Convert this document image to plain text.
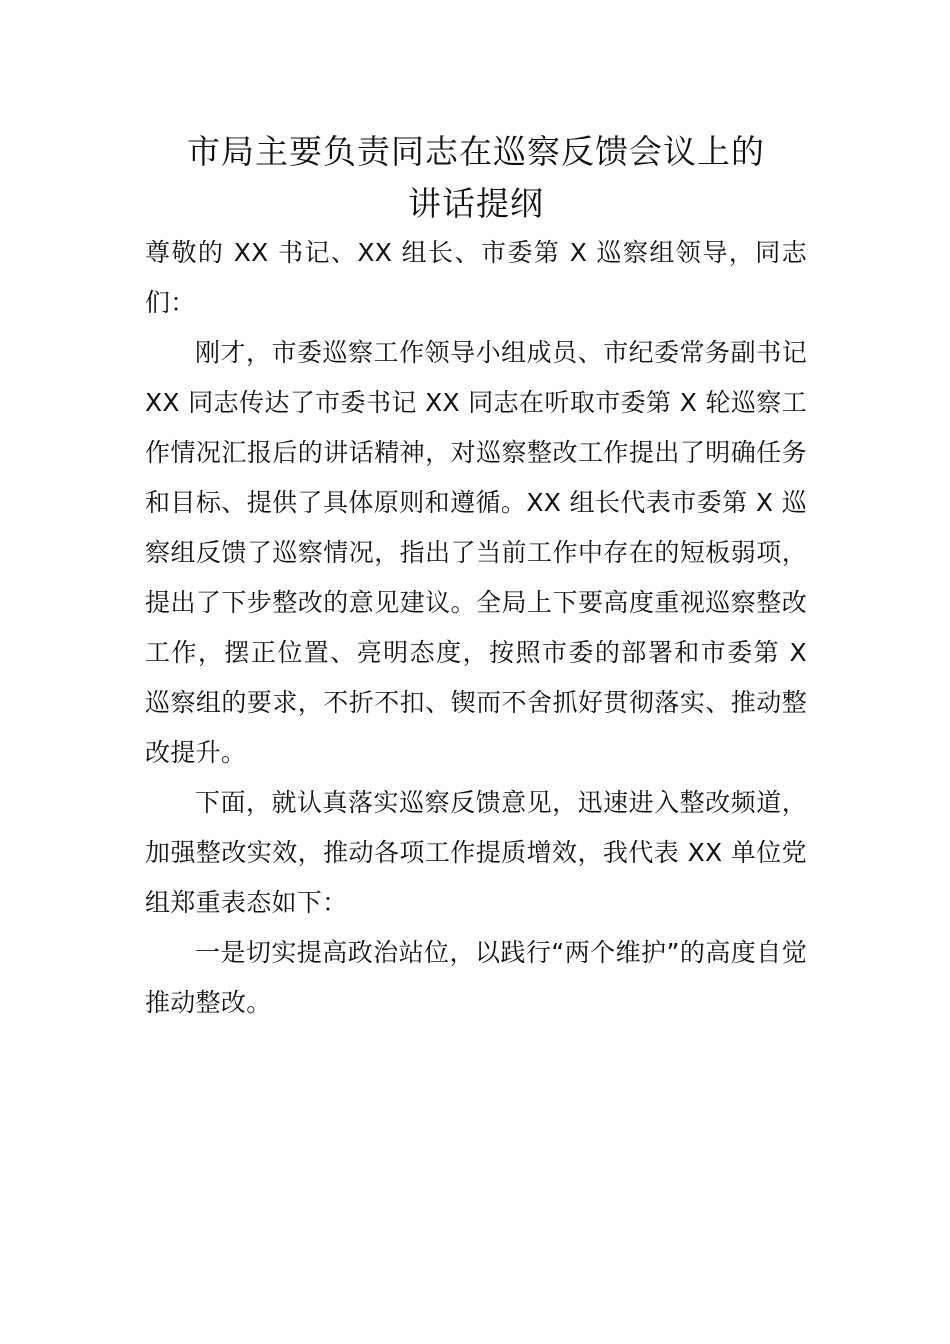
市局主要负责同志在巡察反馈会议上的
讲话提纲

尊敬的 XX 书记、XX 组长、市委第 X 巡察组领导，同志们：

刚才，市委巡察工作领导小组成员、市纪委常务副书记 XX 同志传达了市委书记 XX 同志在听取市委第 X 轮巡察工作情况汇报后的讲话精神，对巡察整改工作提出了明确任务和目标、提供了具体原则和遵循。XX 组长代表市委第 X 巡察组反馈了巡察情况，指出了当前工作中存在的短板弱项，提出了下步整改的意见建议。全局上下要高度重视巡察整改工作，摆正位置、亮明态度，按照市委的部署和市委第 X 巡察组的要求，不折不扣、锲而不舍抓好贯彻落实、推动整改提升。

下面，就认真落实巡察反馈意见，迅速进入整改频道，加强整改实效，推动各项工作提质增效，我代表 XX 单位党组郑重表态如下：

一是切实提高政治站位，以践行“两个维护”的高度自觉推动整改。
